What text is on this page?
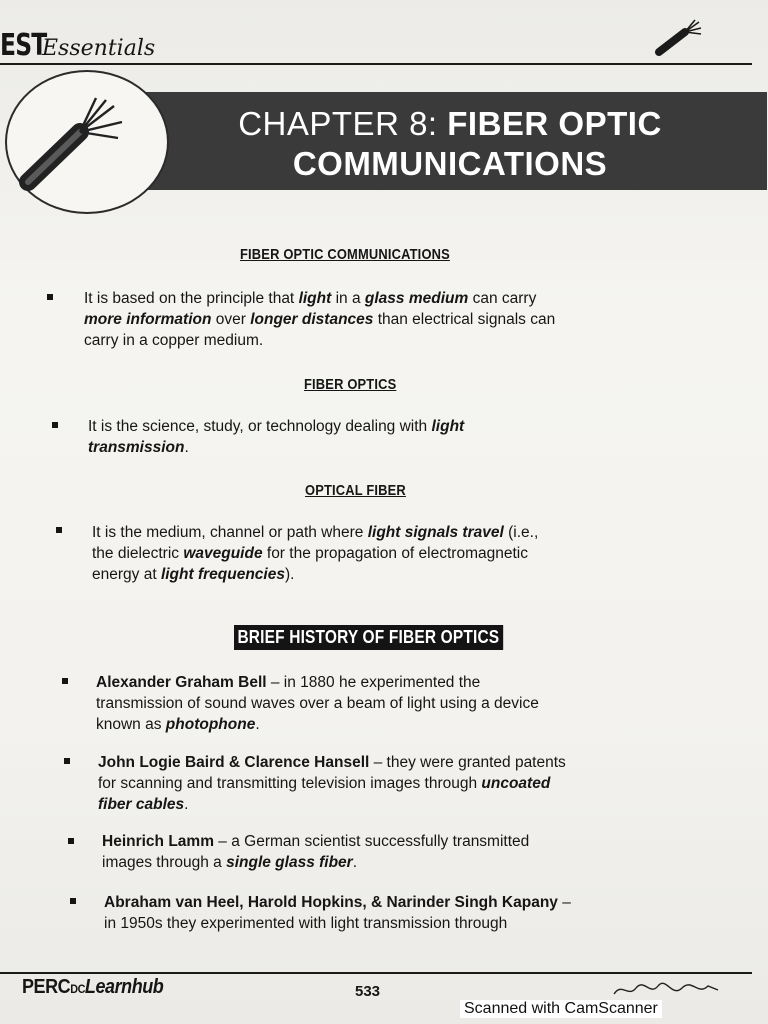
EST
Essentials
CHAPTER 8: FIBER OPTIC
COMMUNICATIONS
FIBER OPTIC COMMUNICATIONS
It is based on the principle that light in a glass medium can carry
more information over longer distances than electrical signals can
carry in a copper medium.
FIBER OPTICS
It is the science, study, or technology dealing with light
transmission.
OPTICAL FIBER
It is the medium, channel or path where light signals travel (i.e.,
the dielectric waveguide for the propagation of electromagnetic
energy at light frequencies).
BRIEF HISTORY OF FIBER OPTICS
Alexander Graham Bell – in 1880 he experimented the
transmission of sound waves over a beam of light using a device
known as photophone.
John Logie Baird & Clarence Hansell – they were granted patents
for scanning and transmitting television images through uncoated
fiber cables.
Heinrich Lamm – a German scientist successfully transmitted
images through a single glass fiber.
Abraham van Heel, Harold Hopkins, & Narinder Singh Kapany –
in 1950s they experimented with light transmission through
PERCDCLearnhub	533
Scanned with CamScanner
